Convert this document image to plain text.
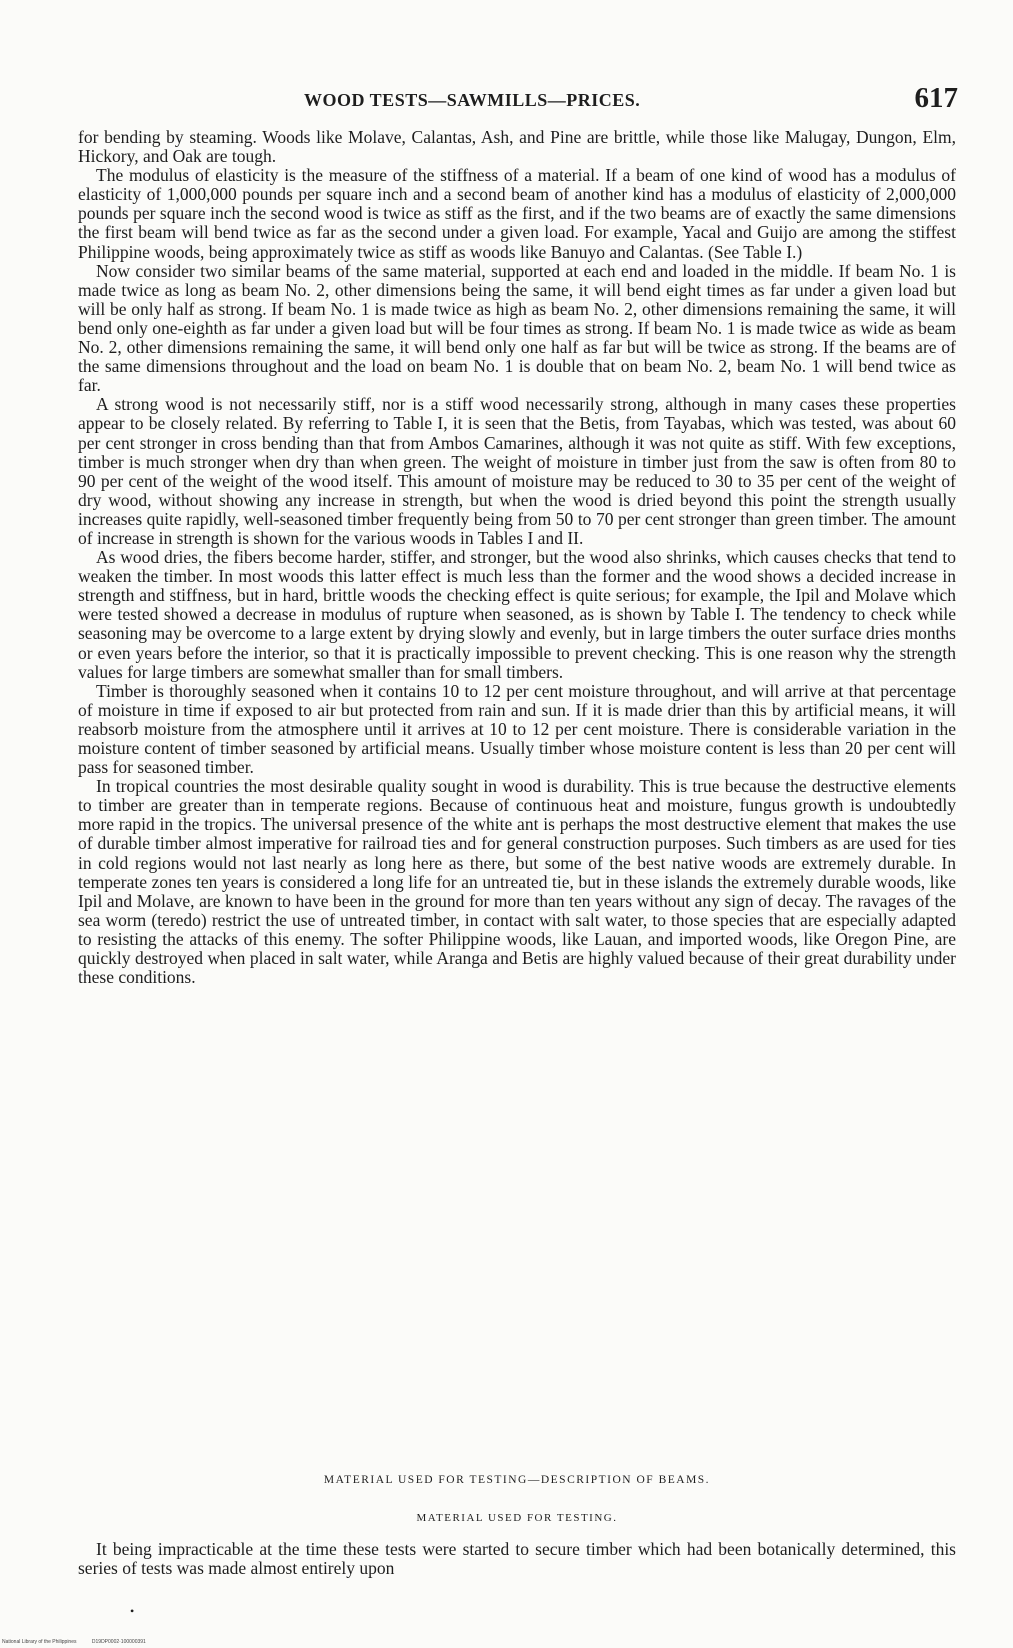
WOOD TESTS—SAWMILLS—PRICES.	617

for bending by steaming. Woods like Molave, Calantas, Ash, and Pine are brittle, while those like Malugay, Dungon, Elm, Hickory, and Oak are tough.

The modulus of elasticity is the measure of the stiffness of a material. If a beam of one kind of wood has a modulus of elasticity of 1,000,000 pounds per square inch and a second beam of another kind has a modulus of elasticity of 2,000,000 pounds per square inch the second wood is twice as stiff as the first, and if the two beams are of exactly the same dimensions the first beam will bend twice as far as the second under a given load. For example, Yacal and Guijo are among the stiffest Philippine woods, being approximately twice as stiff as woods like Banuyo and Calantas. (See Table I.)

Now consider two similar beams of the same material, supported at each end and loaded in the middle. If beam No. 1 is made twice as long as beam No. 2, other dimensions being the same, it will bend eight times as far under a given load but will be only half as strong. If beam No. 1 is made twice as high as beam No. 2, other dimensions remaining the same, it will bend only one-eighth as far under a given load but will be four times as strong. If beam No. 1 is made twice as wide as beam No. 2, other dimensions remaining the same, it will bend only one half as far but will be twice as strong. If the beams are of the same dimensions throughout and the load on beam No. 1 is double that on beam No. 2, beam No. 1 will bend twice as far.

A strong wood is not necessarily stiff, nor is a stiff wood necessarily strong, although in many cases these properties appear to be closely related. By referring to Table I, it is seen that the Betis, from Tayabas, which was tested, was about 60 per cent stronger in cross bending than that from Ambos Camarines, although it was not quite as stiff. With few exceptions, timber is much stronger when dry than when green. The weight of moisture in timber just from the saw is often from 80 to 90 per cent of the weight of the wood itself. This amount of moisture may be reduced to 30 to 35 per cent of the weight of dry wood, without showing any increase in strength, but when the wood is dried beyond this point the strength usually increases quite rapidly, well-seasoned timber frequently being from 50 to 70 per cent stronger than green timber. The amount of increase in strength is shown for the various woods in Tables I and II.

As wood dries, the fibers become harder, stiffer, and stronger, but the wood also shrinks, which causes checks that tend to weaken the timber. In most woods this latter effect is much less than the former and the wood shows a decided increase in strength and stiffness, but in hard, brittle woods the checking effect is quite serious; for example, the Ipil and Molave which were tested showed a decrease in modulus of rupture when seasoned, as is shown by Table I. The tendency to check while seasoning may be overcome to a large extent by drying slowly and evenly, but in large timbers the outer surface dries months or even years before the interior, so that it is practically impossible to prevent checking. This is one reason why the strength values for large timbers are somewhat smaller than for small timbers.

Timber is thoroughly seasoned when it contains 10 to 12 per cent moisture throughout, and will arrive at that percentage of moisture in time if exposed to air but protected from rain and sun. If it is made drier than this by artificial means, it will reabsorb moisture from the atmosphere until it arrives at 10 to 12 per cent moisture. There is considerable variation in the moisture content of timber seasoned by artificial means. Usually timber whose moisture content is less than 20 per cent will pass for seasoned timber.

In tropical countries the most desirable quality sought in wood is durability. This is true because the destructive elements to timber are greater than in temperate regions. Because of continuous heat and moisture, fungus growth is undoubtedly more rapid in the tropics. The universal presence of the white ant is perhaps the most destructive element that makes the use of durable timber almost imperative for railroad ties and for general construction purposes. Such timbers as are used for ties in cold regions would not last nearly as long here as there, but some of the best native woods are extremely durable. In temperate zones ten years is considered a long life for an untreated tie, but in these islands the extremely durable woods, like Ipil and Molave, are known to have been in the ground for more than ten years without any sign of decay. The ravages of the sea worm (teredo) restrict the use of untreated timber, in contact with salt water, to those species that are especially adapted to resisting the attacks of this enemy. The softer Philippine woods, like Lauan, and imported woods, like Oregon Pine, are quickly destroyed when placed in salt water, while Aranga and Betis are highly valued because of their great durability under these conditions.

MATERIAL USED FOR TESTING—DESCRIPTION OF BEAMS.
MATERIAL USED FOR TESTING.

It being impracticable at the time these tests were started to secure timber which had been botanically determined, this series of tests was made almost entirely upon

•
National Library of the Philippines	D19DP0002·100000391
